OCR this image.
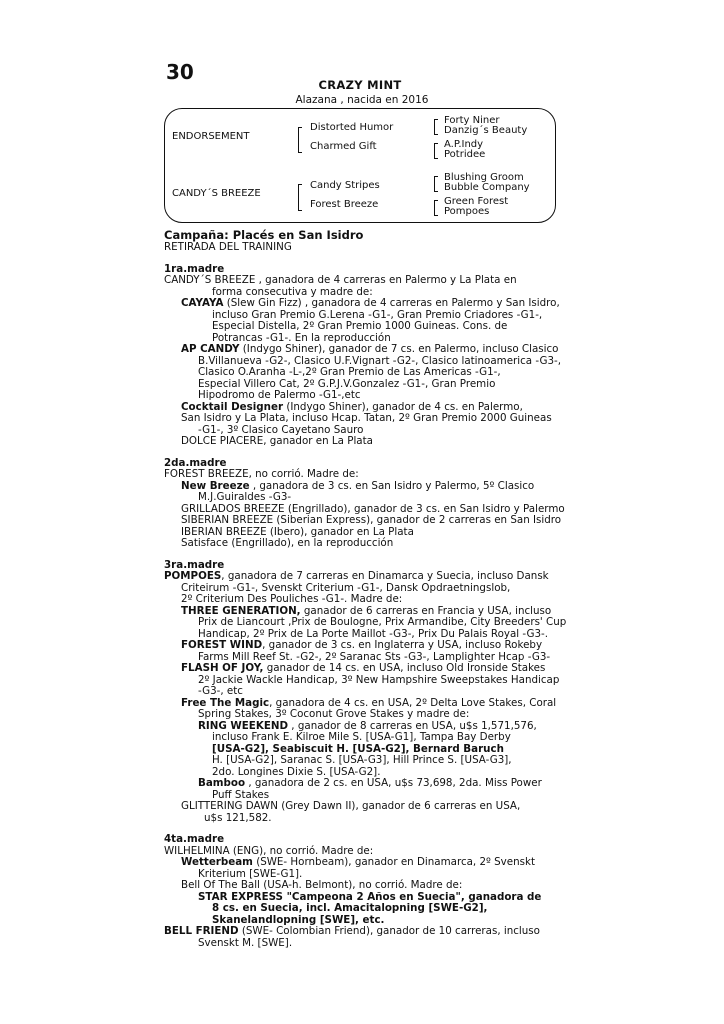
30
CRAZY MINT
Alazana , nacida en 2016
ENDORSEMENT
CANDY´S BREEZE
Distorted Humor
Charmed Gift
Candy Stripes
Forest Breeze
Forty Niner
Danzig´s Beauty
A.P.Indy
Potridee
Blushing Groom
Bubble Company
Green Forest
Pompoes

Campaña: Placés en San Isidro

RETIRADA DEL TRAINING

1ra.madre

CANDY´S BREEZE , ganadora de 4 carreras en Palermo y La Plata en

forma consecutiva y madre de:

CAYAYA (Slew Gin Fizz) , ganadora de 4 carreras en Palermo y San Isidro,

incluso Gran Premio G.Lerena -G1-, Gran Premio Criadores -G1-,

Especial Distella, 2º Gran Premio 1000 Guineas. Cons. de

Potrancas -G1-. En la reproducción

AP CANDY (Indygo Shiner), ganador de 7 cs. en Palermo, incluso Clasico

B.Villanueva -G2-, Clasico U.F.Vignart -G2-, Clasico latinoamerica -G3-,

Clasico O.Aranha -L-,2º Gran Premio de Las Americas -G1-,

Especial Villero Cat, 2º G.P.J.V.Gonzalez -G1-, Gran Premio

Hipodromo de Palermo -G1-,etc

Cocktail Designer (Indygo Shiner), ganador de 4 cs. en Palermo,

San Isidro y La Plata, incluso Hcap. Tatan, 2º Gran Premio 2000 Guineas

-G1-, 3º Clasico Cayetano Sauro

DOLCE PIACERE, ganador en La Plata

2da.madre

FOREST BREEZE, no corrió. Madre de:

New Breeze , ganadora de 3 cs. en San Isidro y Palermo, 5º Clasico

M.J.Guiraldes -G3-

GRILLADOS BREEZE (Engrillado), ganador de 3 cs. en San Isidro y Palermo

SIBERIAN BREEZE (Siberian Express), ganador de 2 carreras en San Isidro

IBERIAN BREEZE (Ibero), ganador en La Plata

Satisface (Engrillado), en la reproducción

3ra.madre

POMPOES, ganadora de 7 carreras en Dinamarca y Suecia, incluso Dansk

Criteirum -G1-, Svenskt Criterium -G1-, Dansk Opdraetningslob,

2º Criterium Des Pouliches -G1-. Madre de:

THREE GENERATION, ganador de 6 carreras en Francia y USA, incluso

Prix de Liancourt ,Prix de Boulogne, Prix Armandibe, City Breeders' Cup

Handicap, 2º Prix de La Porte Maillot -G3-, Prix Du Palais Royal -G3-.

FOREST WIND, ganador de 3 cs. en Inglaterra y USA, incluso Rokeby

Farms Mill Reef St. -G2-, 2º Saranac Sts -G3-, Lamplighter Hcap -G3-

FLASH OF JOY, ganador de 14 cs. en USA, incluso Old Ironside Stakes

2º Jackie Wackle Handicap, 3º New Hampshire Sweepstakes Handicap

-G3-, etc

Free The Magic, ganadora de 4 cs. en USA, 2º Delta Love Stakes, Coral

Spring Stakes, 3º Coconut Grove Stakes y madre de:

RING WEEKEND , ganador de 8 carreras en USA, u$s 1,571,576,

incluso Frank E. Kilroe Mile S. [USA-G1], Tampa Bay Derby

[USA-G2], Seabiscuit H. [USA-G2], Bernard Baruch

H. [USA-G2], Saranac S. [USA-G3], Hill Prince S. [USA-G3],

2do. Longines Dixie S. [USA-G2].

Bamboo , ganadora de 2 cs. en USA, u$s 73,698, 2da. Miss Power

Puff Stakes

GLITTERING DAWN (Grey Dawn II), ganador de 6 carreras en USA,

u$s 121,582.

4ta.madre

WILHELMINA (ENG), no corrió. Madre de:

Wetterbeam (SWE- Hornbeam), ganador en Dinamarca, 2º Svenskt

Kriterium [SWE-G1].

Bell Of The Ball (USA-h. Belmont), no corrió. Madre de:

STAR EXPRESS "Campeona 2 Años en Suecia", ganadora de

8 cs. en Suecia, incl. Amacitalopning [SWE-G2],

Skanelandlopning [SWE], etc.

BELL FRIEND (SWE- Colombian Friend), ganador de 10 carreras, incluso

Svenskt M. [SWE].
